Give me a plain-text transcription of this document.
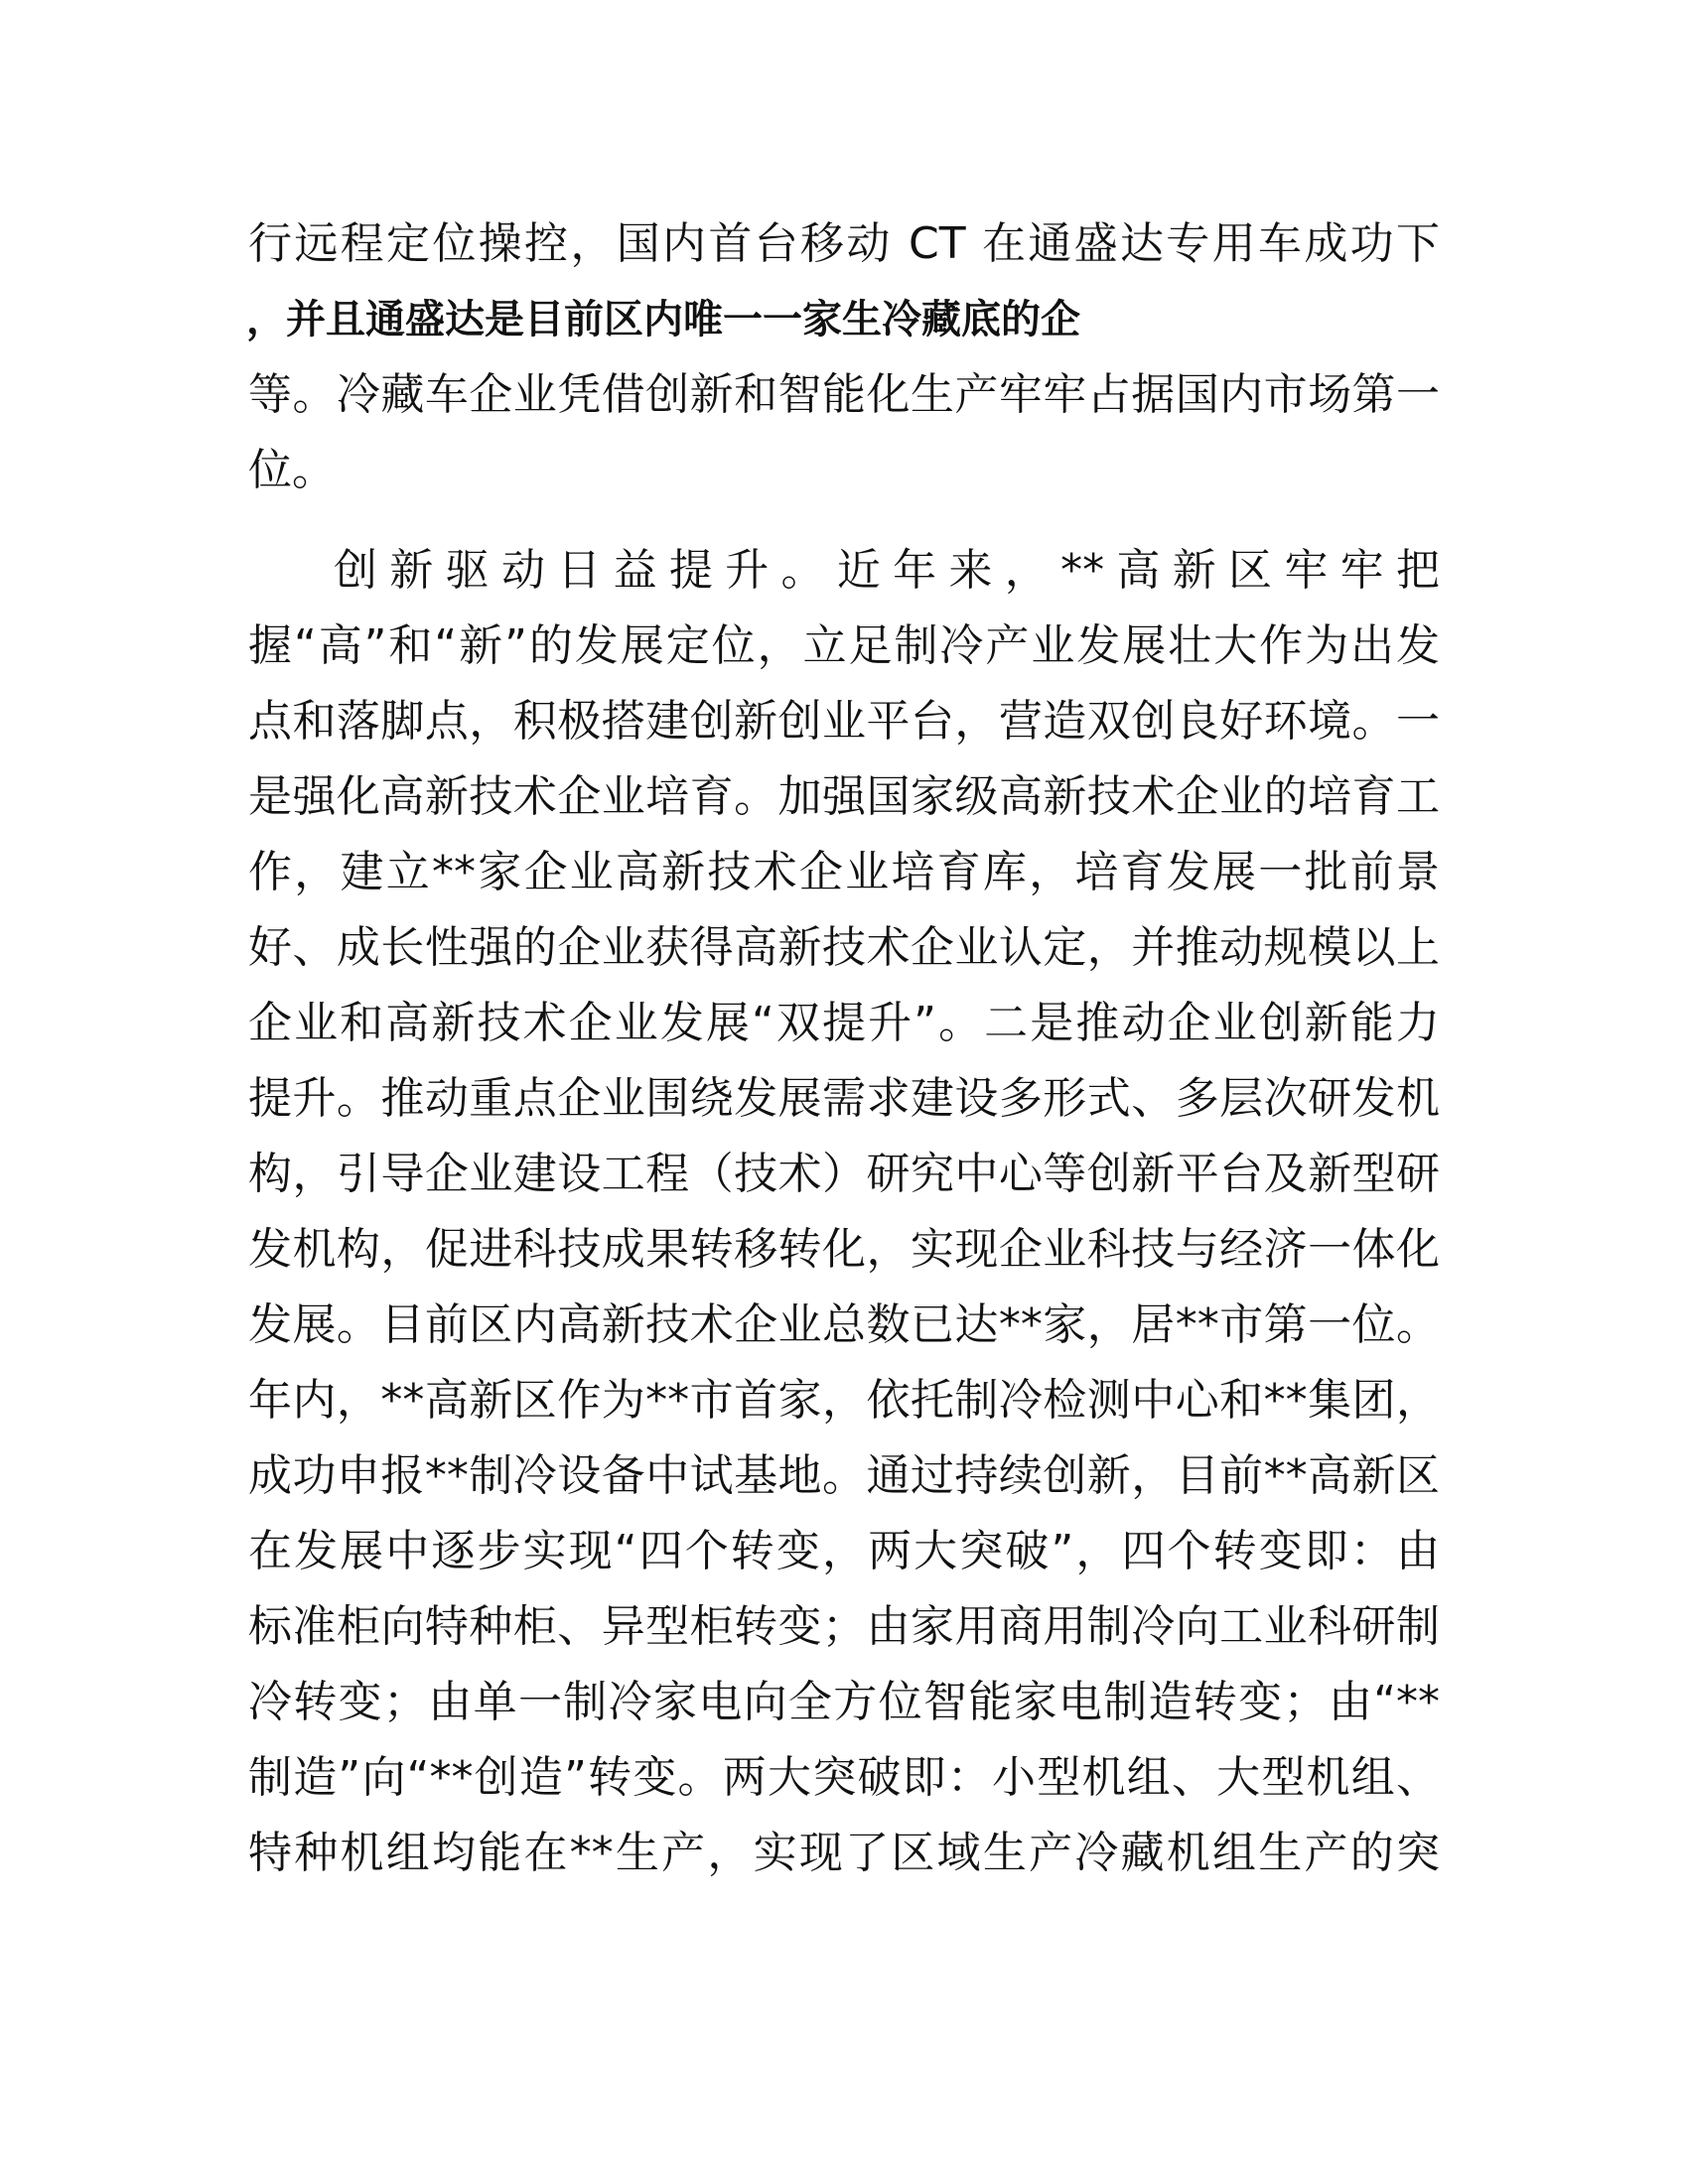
行远程定位操控，国内首台移动 CT 在通盛达专用车成功下
，并且通盛达是目前区内唯一一家生冷藏底的企
等。冷藏车企业凭借创新和智能化生产牢牢占据国内市场第一
位。
创新驱动日益提升。近年来，**高新区牢牢把
握“高”和“新”的发展定位，立足制冷产业发展壮大作为出发
点和落脚点，积极搭建创新创业平台，营造双创良好环境。一
是强化高新技术企业培育。加强国家级高新技术企业的培育工
作，建立**家企业高新技术企业培育库，培育发展一批前景
好、成长性强的企业获得高新技术企业认定，并推动规模以上
企业和高新技术企业发展“双提升”。二是推动企业创新能力
提升。推动重点企业围绕发展需求建设多形式、多层次研发机
构，引导企业建设工程（技术）研究中心等创新平台及新型研
发机构，促进科技成果转移转化，实现企业科技与经济一体化
发展。目前区内高新技术企业总数已达**家，居**市第一位。
年内，**高新区作为**市首家，依托制冷检测中心和**集团，
成功申报**制冷设备中试基地。通过持续创新，目前**高新区
在发展中逐步实现“四个转变，两大突破”，四个转变即：由
标准柜向特种柜、异型柜转变；由家用商用制冷向工业科研制
冷转变；由单一制冷家电向全方位智能家电制造转变；由“**
制造”向“**创造”转变。两大突破即：小型机组、大型机组、
特种机组均能在**生产，实现了区域生产冷藏机组生产的突
